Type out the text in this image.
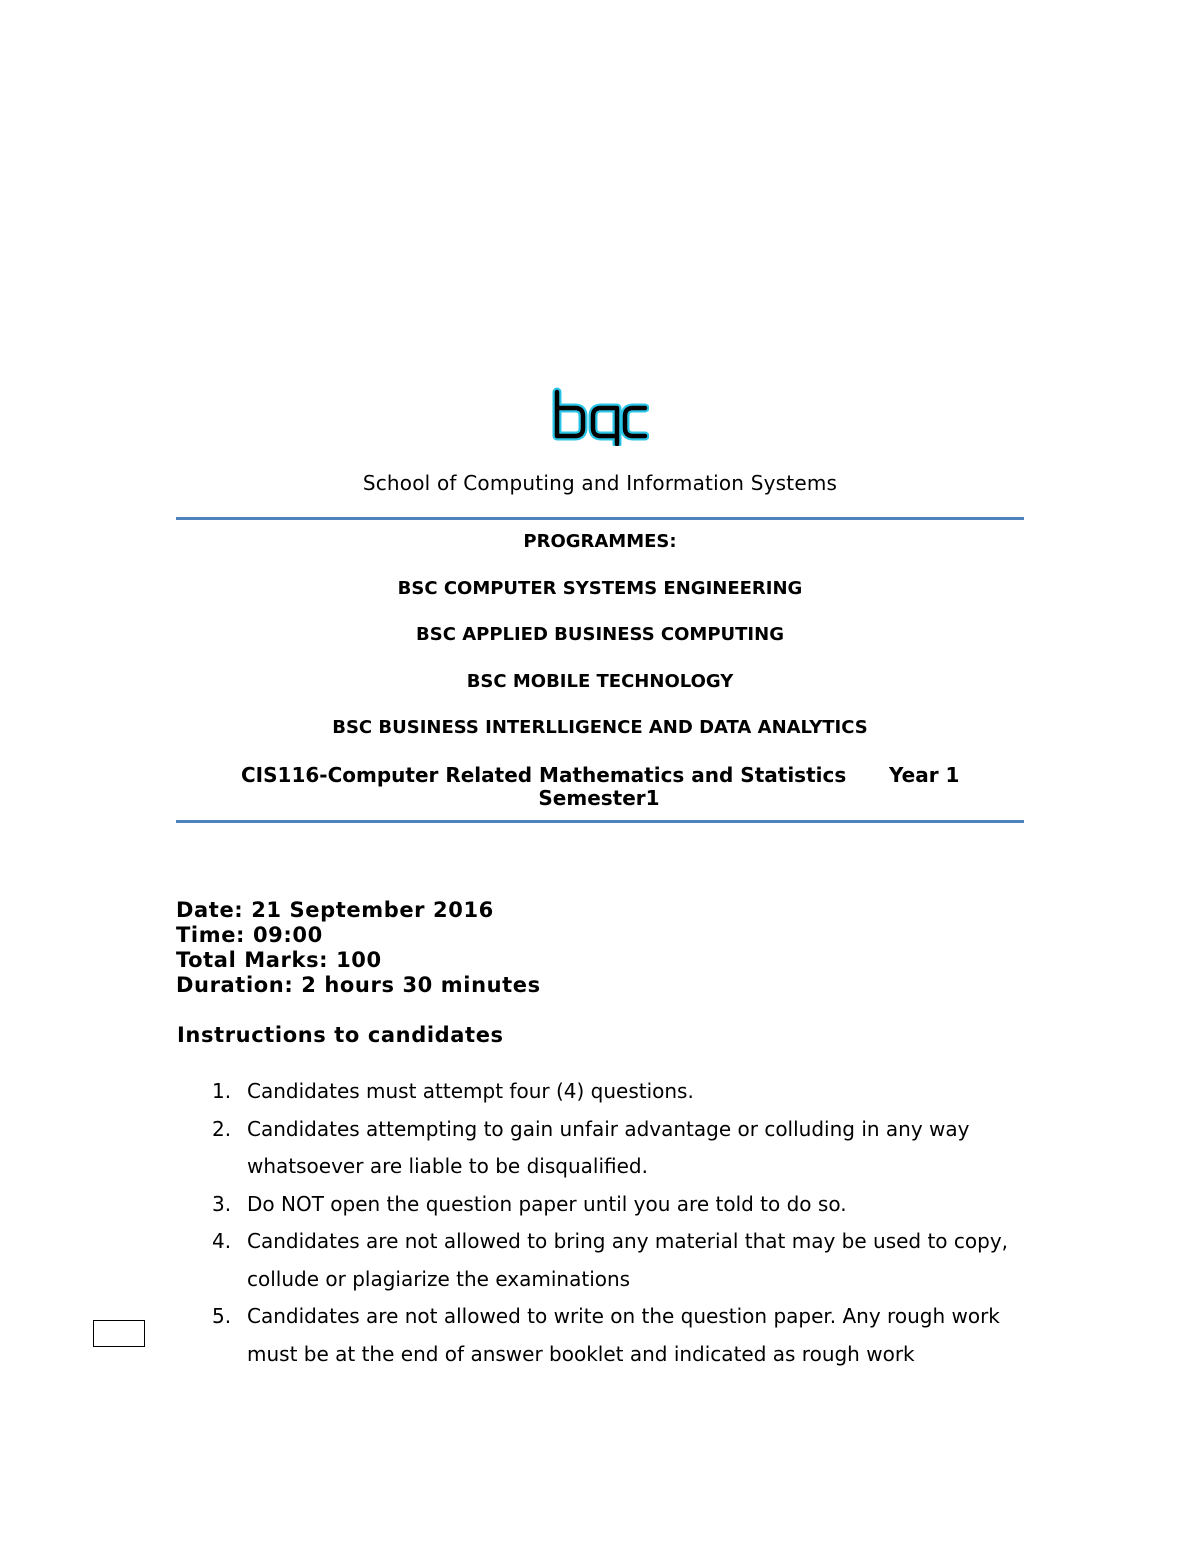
School of Computing and Information Systems
PROGRAMMES:
BSC COMPUTER SYSTEMS ENGINEERING
BSC APPLIED BUSINESS COMPUTING
BSC MOBILE TECHNOLOGY
BSC BUSINESS INTERLLIGENCE AND DATA ANALYTICS
CIS116-Computer Related Mathematics and Statistics Year 1
Semester1
Date: 21 September 2016
Time: 09:00
Total Marks: 100
Duration: 2 hours 30 minutes
Instructions to candidates
1. Candidates must attempt four (4) questions.
2. Candidates attempting to gain unfair advantage or colluding in any way whatsoever are liable to be disqualified.
3. Do NOT open the question paper until you are told to do so.
4. Candidates are not allowed to bring any material that may be used to copy, collude or plagiarize the examinations
5. Candidates are not allowed to write on the question paper. Any rough work must be at the end of answer booklet and indicated as rough work
